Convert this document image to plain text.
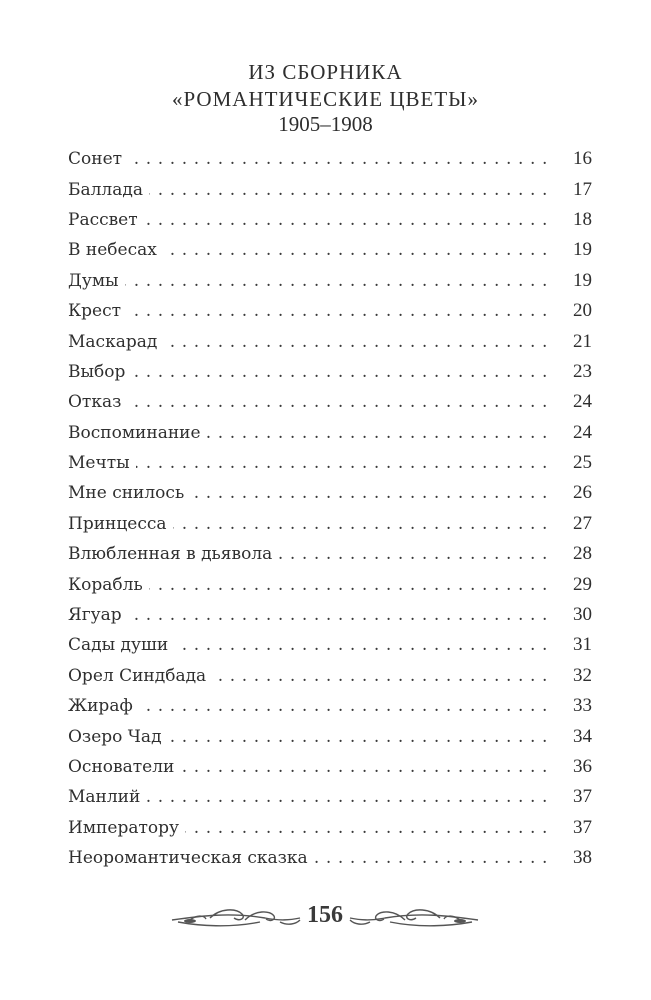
ИЗ СБОРНИКА
«РОМАНТИЧЕСКИЕ ЦВЕТЫ»
1905–1908
Сонет . . .	16
Баллада . . .	17
Рассвет . . .	18
В небесах . . .	19
Думы . . .	19
Крест . . .	20
Маскарад . . .	21
Выбор . . .	23
Отказ . . .	24
Воспоминание . . .	24
Мечты . . .	25
Мне снилось . . .	26
Принцесса . . .	27
Влюбленная в дьявола . . .	28
Корабль . . .	29
Ягуар . . .	30
Сады души . . .	31
Орел Синдбада . . .	32
Жираф . . .	33
Озеро Чад . . .	34
Основатели . . .	36
Манлий . . .	37
Императору . . .	37
Неоромантическая сказка . . .	38
156
